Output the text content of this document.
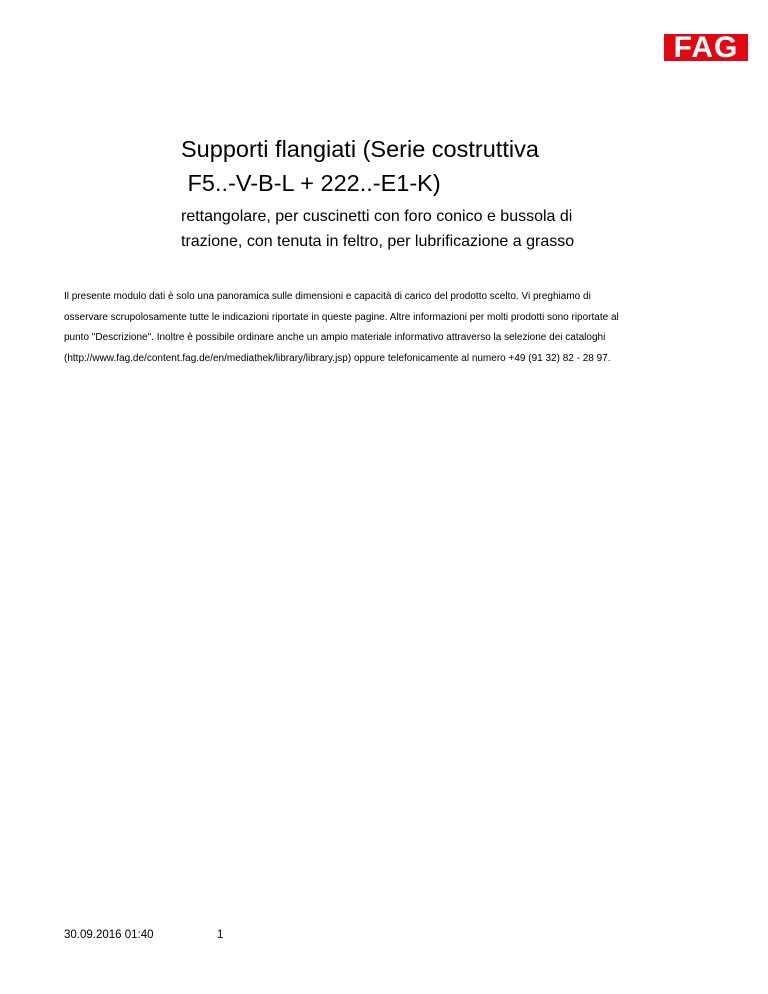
FAG
Supporti flangiati (Serie costruttiva
F5..-V-B-L + 222..-E1-K)

rettangolare, per cuscinetti con foro conico e bussola di
trazione, con tenuta in feltro, per lubrificazione a grasso

Il presente modulo dati è solo una panoramica sulle dimensioni e capacità di carico del prodotto scelto. Vi preghiamo di
osservare scrupolosamente tutte le indicazioni riportate in queste pagine. Altre informazioni per molti prodotti sono riportate al
punto "Descrizione". Inoltre è possibile ordinare anche un ampio materiale informativo attraverso la selezione dei cataloghi
(http://www.fag.de/content.fag.de/en/mediathek/library/library.jsp) oppure telefonicamente al numero +49 (91 32) 82 - 28 97.

30.09.2016 01:40	1
